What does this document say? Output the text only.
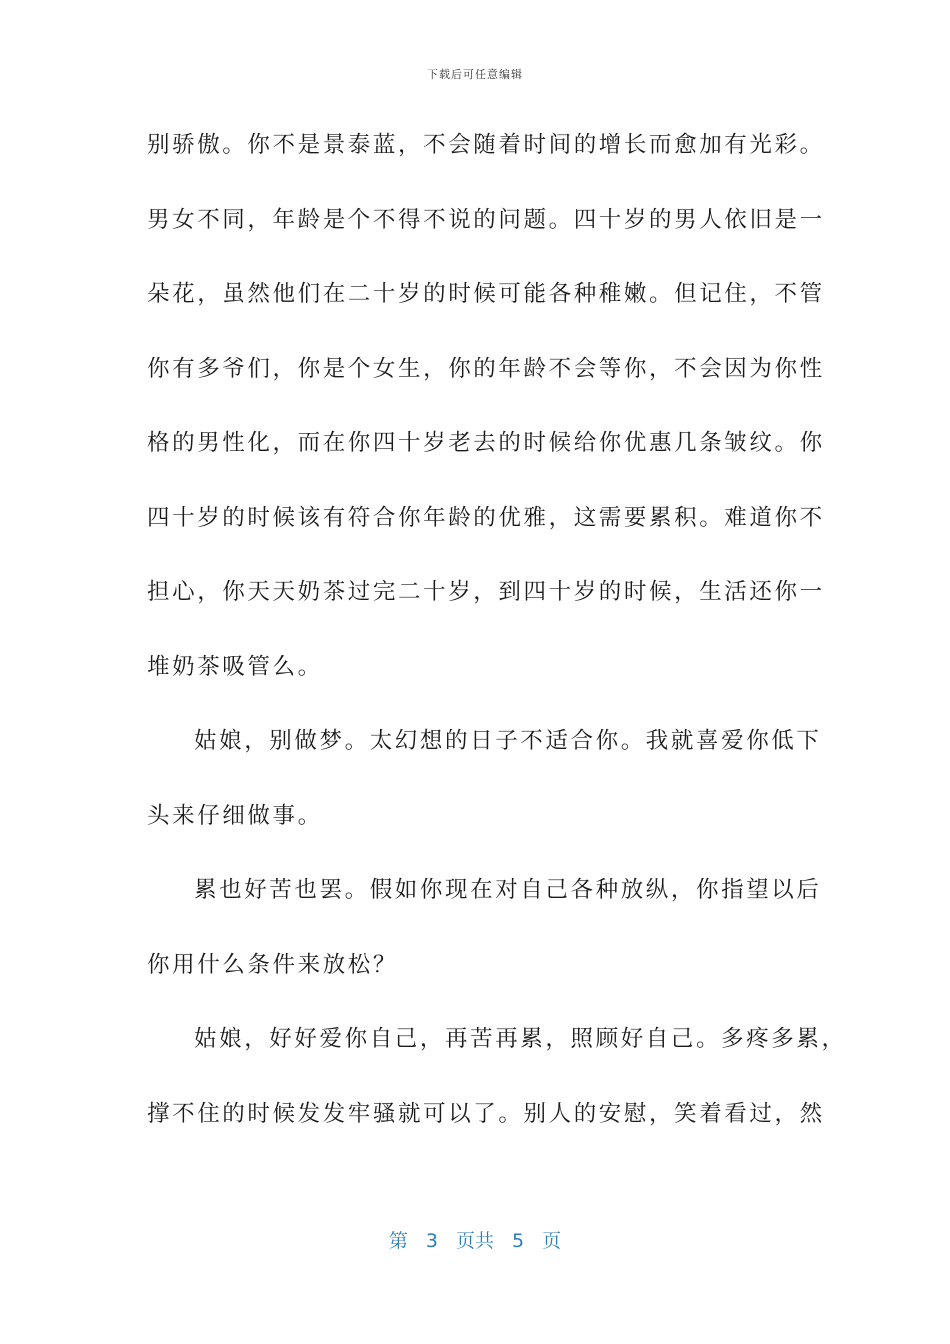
下载后可任意编辑
别骄傲。你不是景泰蓝，不会随着时间的增长而愈加有光彩。
男女不同，年龄是个不得不说的问题。四十岁的男人依旧是一
朵花，虽然他们在二十岁的时候可能各种稚嫩。但记住，不管
你有多爷们，你是个女生，你的年龄不会等你，不会因为你性
格的男性化，而在你四十岁老去的时候给你优惠几条皱纹。你
四十岁的时候该有符合你年龄的优雅，这需要累积。难道你不
担心，你天天奶茶过完二十岁，到四十岁的时候，生活还你一
堆奶茶吸管么。
姑娘，别做梦。太幻想的日子不适合你。我就喜爱你低下
头来仔细做事。
累也好苦也罢。假如你现在对自己各种放纵，你指望以后
你用什么条件来放松？
姑娘，好好爱你自己，再苦再累，照顾好自己。多疼多累，
撑不住的时候发发牢骚就可以了。别人的安慰，笑着看过，然
第 3 页共 5 页
